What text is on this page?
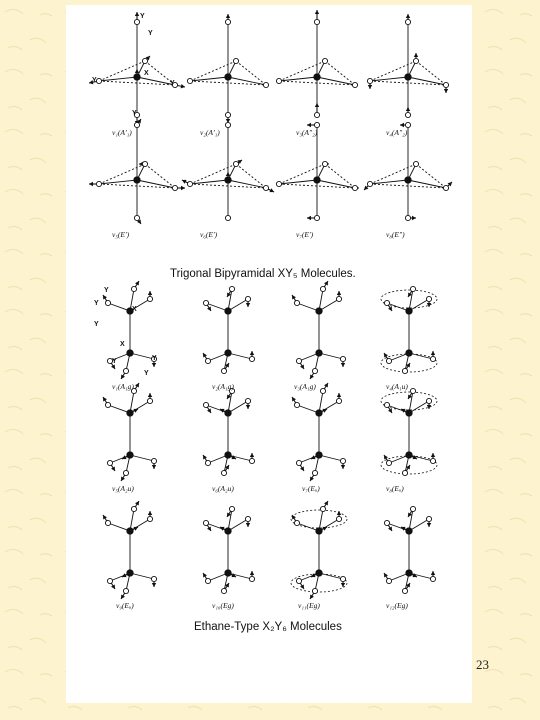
Y
Y
X
Y	Y
Y
ν₁(A′₁)	ν₂(A′₁)	ν₃(A″₂)	ν₄(A″₂)
ν₅(E′)	ν₆(E′)	ν₇(E′)	ν₈(E″)
Trigonal Bipyramidal XY₅ Molecules.
Y
Y
X
Y
X
Y	Y
Y
ν₁(A₁g)	ν₂(A₁g)	ν₃(A₁g)	ν₄(A₁u)
ν₅(A₂u)	ν₆(A₂u)	ν₇(Eᵤ)	ν₈(Eᵤ)
ν₉(Eᵤ)	ν₁₀(Eg)	ν₁₁(Eg)	ν₁₂(Eg)
Ethane-Type X₂Y₆ Molecules
23
